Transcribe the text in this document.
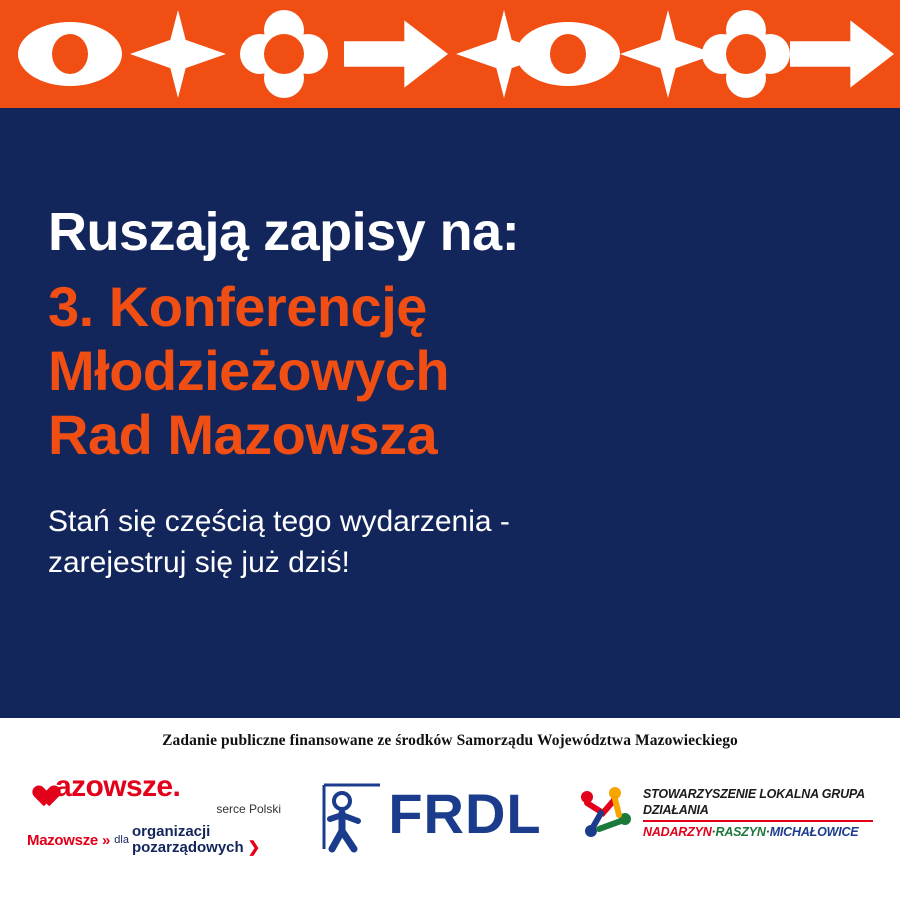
Ruszają zapisy na:
3. Konferencję
Młodzieżowych
Rad Mazowsza
Stań się częścią tego wydarzenia -
zarejestruj się już dziś!
Zadanie publiczne finansowane ze środków Samorządu Województwa Mazowieckiego
azowsze.
serce Polski
Mazowsze » dla organizacji
pozarządowych ❯
FRDL	STOWARZYSZENIE LOKALNA GRUPA DZIAŁANIA
NADARZYN·RASZYN·MICHAŁOWICE
